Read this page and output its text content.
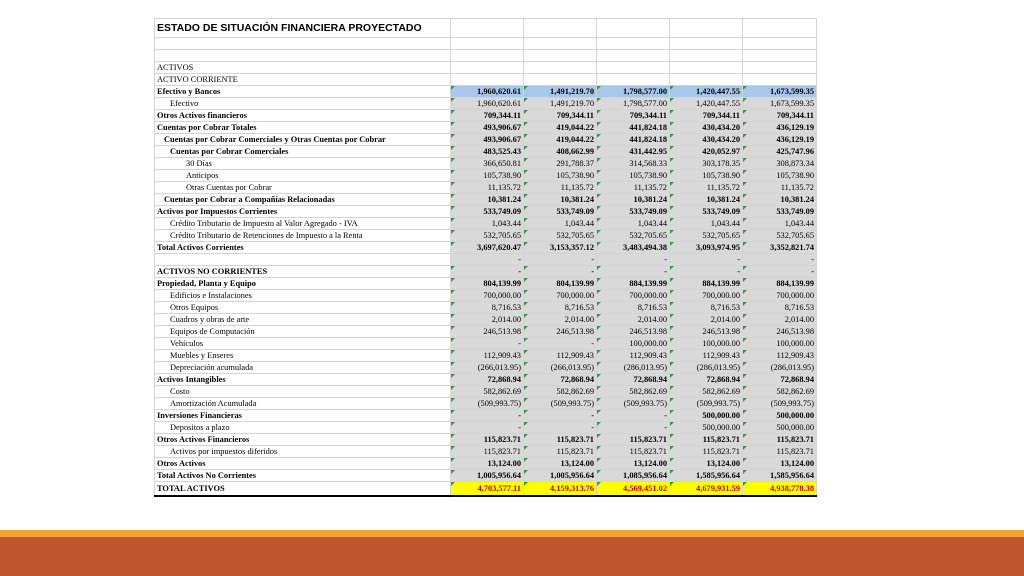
ESTADO DE SITUACIÓN FINANCIERA PROYECTADO					

ACTIVOS					
ACTIVO CORRIENTE					
Efectivo y Bancos	1,960,620.61	1,491,219.70	1,798,577.00	1,420,447.55	1,673,599.35
Efectivo	1,960,620.61	1,491,219.70	1,798,577.00	1,420,447.55	1,673,599.35
Otros Activos financieros	709,344.11	709,344.11	709,344.11	709,344.11	709,344.11
Cuentas por Cobrar Totales	493,906.67	419,044.22	441,824.18	430,434.20	436,129.19
Cuentas por Cobrar Comerciales y Otras Cuentas por Cobrar	493,906.67	419,044.22	441,824.18	430,434.20	436,129.19
Cuentas por Cobrar Comerciales	483,525.43	408,662.99	431,442.95	420,052.97	425,747.96
30 Días	366,650.81	291,788.37	314,568.33	303,178.35	308,873.34
Anticipos	105,738.90	105,738.90	105,738.90	105,738.90	105,738.90
Otras Cuentas por Cobrar	11,135.72	11,135.72	11,135.72	11,135.72	11,135.72
Cuentas por Cobrar a Compañías Relacionadas	10,381.24	10,381.24	10,381.24	10,381.24	10,381.24
Activos por Impuestos Corrientes	533,749.09	533,749.09	533,749.09	533,749.09	533,749.09
Crédito Tributario de Impuesto al Valor Agregado - IVA	1,043.44	1,043.44	1,043.44	1,043.44	1,043.44
Crédito Tributario de Retenciones de Impuesto a la Renta	532,705.65	532,705.65	532,705.65	532,705.65	532,705.65
Total Activos Corrientes	3,697,620.47	3,153,357.12	3,483,494.38	3,093,974.95	3,352,821.74
	-	-	-	-	-
ACTIVOS NO CORRIENTES	-	-	-	-	-
Propiedad, Planta y Equipo	804,139.99	804,139.99	884,139.99	884,139.99	884,139.99
Edificios e Instalaciones	700,000.00	700,000.00	700,000.00	700,000.00	700,000.00
Otros Equipos	8,716.53	8,716.53	8,716.53	8,716.53	8,716.53
Cuadros y obras de arte	2,014.00	2,014.00	2,014.00	2,014.00	2,014.00
Equipos de Computación	246,513.98	246,513.98	246,513.98	246,513.98	246,513.98
Vehículos	-	-	100,000.00	100,000.00	100,000.00
Muebles y Enseres	112,909.43	112,909.43	112,909.43	112,909.43	112,909.43
Depreciación acumulada	(266,013.95)	(266,013.95)	(286,013.95)	(286,013.95)	(286,013.95)
Activos Intangibles	72,868.94	72,868.94	72,868.94	72,868.94	72,868.94
Costo	582,862.69	582,862.69	582,862.69	582,862.69	582,862.69
Amortización Acumulada	(509,993.75)	(509,993.75)	(509,993.75)	(509,993.75)	(509,993.75)
Inversiones Financieras	-	-	-	500,000.00	500,000.00
Depositos a plazo	-	-	-	500,000.00	500,000.00
Otros Activos Financieros	115,823.71	115,823.71	115,823.71	115,823.71	115,823.71
Activos por impuestos diferidos	115,823.71	115,823.71	115,823.71	115,823.71	115,823.71
Otros Activos	13,124.00	13,124.00	13,124.00	13,124.00	13,124.00
Total Activos No Corrientes	1,005,956.64	1,005,956.64	1,085,956.64	1,585,956.64	1,585,956.64
TOTAL ACTIVOS	4,703,577.11	4,159,313.76	4,569,451.02	4,679,931.59	4,938,778.38
